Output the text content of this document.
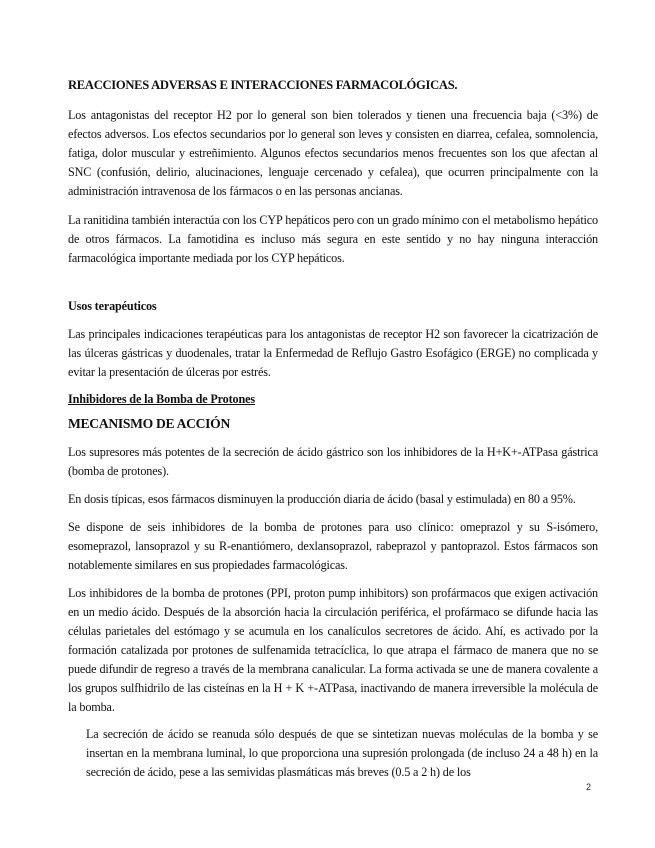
REACCIONES ADVERSAS E INTERACCIONES FARMACOLÓGICAS.

Los antagonistas del receptor H2 por lo general son bien tolerados y tienen una frecuencia baja (<3%) de efectos adversos. Los efectos secundarios por lo general son leves y consisten en diarrea, cefalea, somnolencia, fatiga, dolor muscular y estreñimiento. Algunos efectos secundarios menos frecuentes son los que afectan al SNC (confusión, delirio, alucinaciones, lenguaje cercenado y cefalea), que ocurren principalmente con la administración intravenosa de los fármacos o en las personas ancianas.

La ranitidina también interactúa con los CYP hepáticos pero con un grado mínimo con el metabolismo hepático de otros fármacos. La famotidina es incluso más segura en este sentido y no hay ninguna interacción farmacológica importante mediada por los CYP hepáticos.

Usos terapéuticos

Las principales indicaciones terapéuticas para los antagonistas de receptor H2 son favorecer la cicatrización de las úlceras gástricas y duodenales, tratar la Enfermedad de Reflujo Gastro Esofágico (ERGE) no complicada y evitar la presentación de úlceras por estrés.

Inhibidores de la Bomba de Protones

MECANISMO DE ACCIÓN

Los supresores más potentes de la secreción de ácido gástrico son los inhibidores de la H+K+-ATPasa gástrica (bomba de protones).

En dosis típicas, esos fármacos disminuyen la producción diaria de ácido (basal y estimulada) en 80 a 95%.

Se dispone de seis inhibidores de la bomba de protones para uso clínico: omeprazol y su S-isómero, esomeprazol, lansoprazol y su R-enantiómero, dexlansoprazol, rabeprazol y pantoprazol. Estos fármacos son notablemente similares en sus propiedades farmacológicas.

Los inhibidores de la bomba de protones (PPI, proton pump inhibitors) son profármacos que exigen activación en un medio ácido. Después de la absorción hacia la circulación periférica, el profármaco se difunde hacia las células parietales del estómago y se acumula en los canalículos secretores de ácido. Ahí, es activado por la formación catalizada por protones de sulfenamida tetracíclica, lo que atrapa el fármaco de manera que no se puede difundir de regreso a través de la membrana canalicular. La forma activada se une de manera covalente a los grupos sulfhidrilo de las cisteínas en la H + K +-ATPasa, inactivando de manera irreversible la molécula de la bomba.

La secreción de ácido se reanuda sólo después de que se sintetizan nuevas moléculas de la bomba y se insertan en la membrana luminal, lo que proporciona una supresión prolongada (de incluso 24 a 48 h) en la secreción de ácido, pese a las semividas plasmáticas más breves (0.5 a 2 h) de los

2
